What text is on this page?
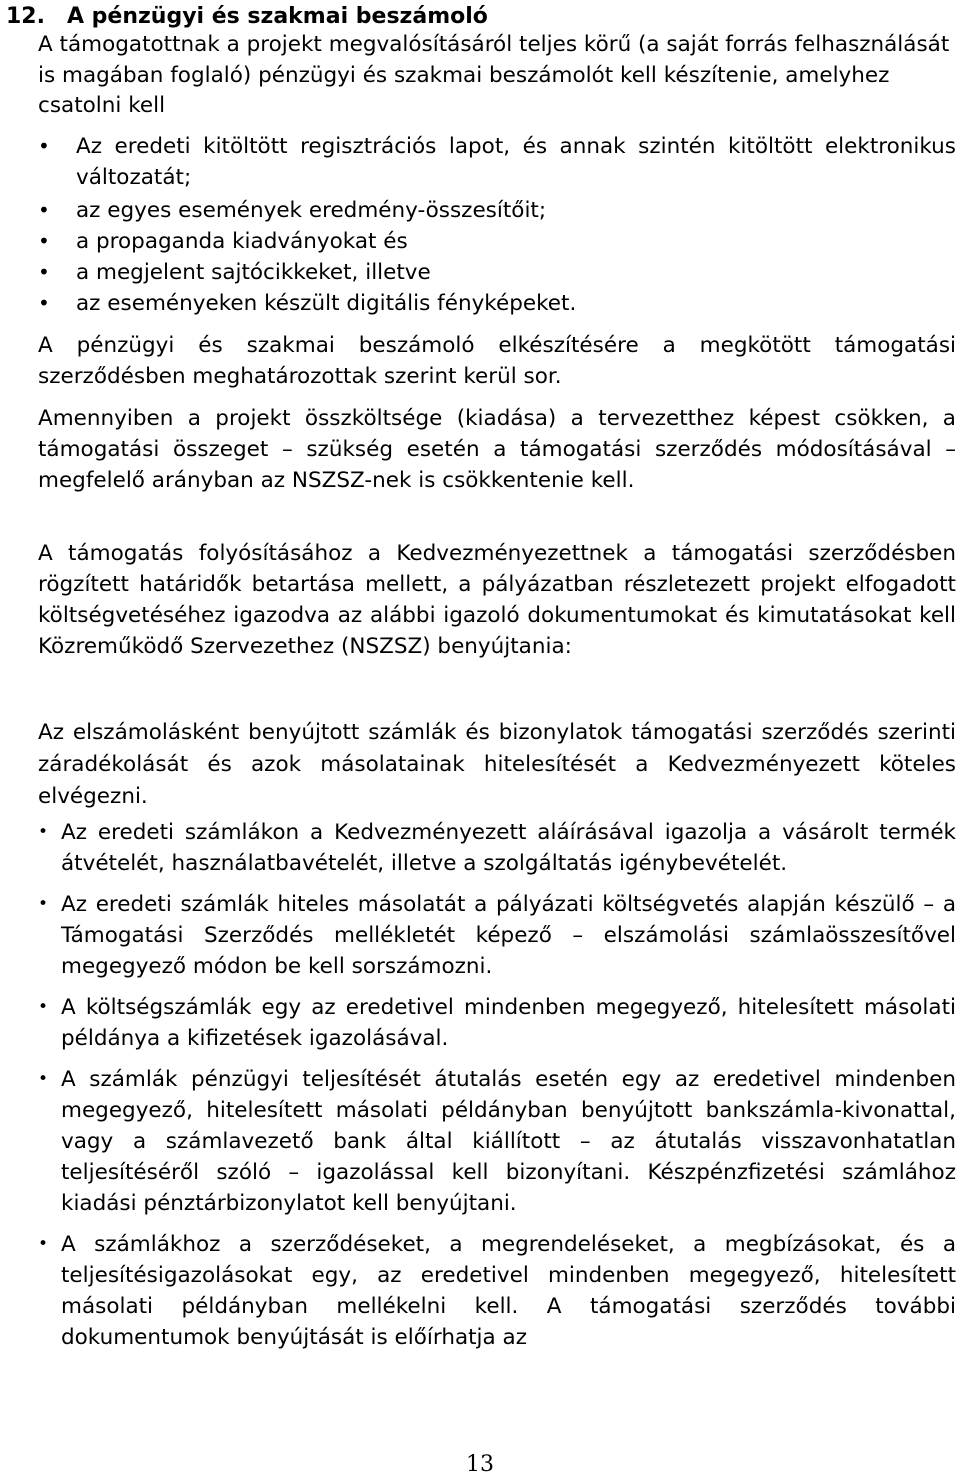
12. A pénzügyi és szakmai beszámoló

A támogatottnak a projekt megvalósításáról teljes körű (a saját forrás felhasználását is magában foglaló) pénzügyi és szakmai beszámolót kell készítenie, amelyhez csatolni kell

• Az eredeti kitöltött regisztrációs lapot, és annak szintén kitöltött elektronikus változatát;
• az egyes események eredmény-összesítőit;
• a propaganda kiadványokat és
• a megjelent sajtócikkeket, illetve
• az eseményeken készült digitális fényképeket.

A pénzügyi és szakmai beszámoló elkészítésére a megkötött támogatási szerződésben meghatározottak szerint kerül sor.

Amennyiben a projekt összköltsége (kiadása) a tervezetthez képest csökken, a támogatási összeget – szükség esetén a támogatási szerződés módosításával – megfelelő arányban az NSZSZ-nek is csökkentenie kell.

A támogatás folyósításához a Kedvezményezettnek a támogatási szerződésben rögzített határidők betartása mellett, a pályázatban részletezett projekt elfogadott költségvetéséhez igazodva az alábbi igazoló dokumentumokat és kimutatásokat kell Közreműködő Szervezethez (NSZSZ) benyújtania:

Az elszámolásként benyújtott számlák és bizonylatok támogatási szerződés szerinti záradékolását és azok másolatainak hitelesítését a Kedvezményezett köteles elvégezni.

• Az eredeti számlákon a Kedvezményezett aláírásával igazolja a vásárolt termék átvételét, használatbavételét, illetve a szolgáltatás igénybevételét.
• Az eredeti számlák hiteles másolatát a pályázati költségvetés alapján készülő – a Támogatási Szerződés mellékletét képező – elszámolási számlaösszesítővel megegyező módon be kell sorszámozni.
• A költségszámlák egy az eredetivel mindenben megegyező, hitelesített másolati példánya a kifizetések igazolásával.
• A számlák pénzügyi teljesítését átutalás esetén egy az eredetivel mindenben megegyező, hitelesített másolati példányban benyújtott bankszámla-kivonattal, vagy a számlavezető bank által kiállított – az átutalás visszavonhatatlan teljesítéséről szóló – igazolással kell bizonyítani. Készpénzfizetési számlához kiadási pénztárbizonylatot kell benyújtani.
• A számlákhoz a szerződéseket, a megrendeléseket, a megbízásokat, és a teljesítésigazolásokat egy, az eredetivel mindenben megegyező, hitelesített másolati példányban mellékelni kell. A támogatási szerződés további dokumentumok benyújtását is előírhatja az
13
